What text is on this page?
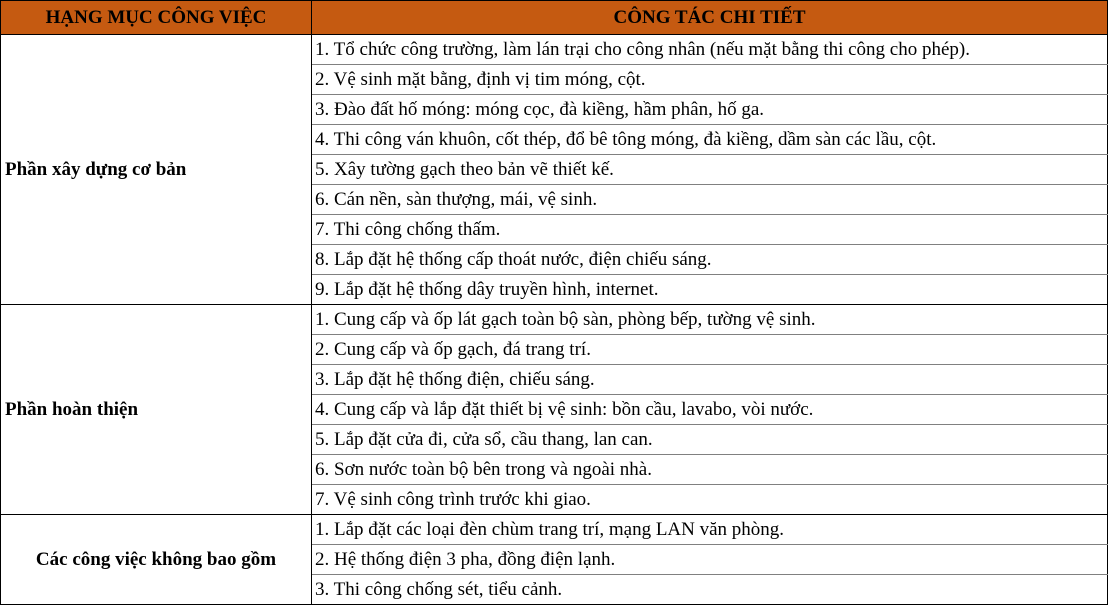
HẠNG MỤC CÔNG VIỆC	CÔNG TÁC CHI TIẾT
Phần xây dựng cơ bản	1. Tổ chức công trường, làm lán trại cho công nhân (nếu mặt bằng thi công cho phép).
	2. Vệ sinh mặt bằng, định vị tim móng, cột.
	3. Đào đất hố móng: móng cọc, đà kiềng, hầm phân, hố ga.
	4. Thi công ván khuôn, cốt thép, đổ bê tông móng, đà kiềng, dầm sàn các lầu, cột.
	5. Xây tường gạch theo bản vẽ thiết kế.
	6. Cán nền, sàn thượng, mái, vệ sinh.
	7. Thi công chống thấm.
	8. Lắp đặt hệ thống cấp thoát nước, điện chiếu sáng.
	9. Lắp đặt hệ thống dây truyền hình, internet.
Phần hoàn thiện	1. Cung cấp và ốp lát gạch toàn bộ sàn, phòng bếp, tường vệ sinh.
	2. Cung cấp và ốp gạch, đá trang trí.
	3. Lắp đặt hệ thống điện, chiếu sáng.
	4. Cung cấp và lắp đặt thiết bị vệ sinh: bồn cầu, lavabo, vòi nước.
	5. Lắp đặt cửa đi, cửa sổ, cầu thang, lan can.
	6. Sơn nước toàn bộ bên trong và ngoài nhà.
	7. Vệ sinh công trình trước khi giao.
Các công việc không bao gồm	1. Lắp đặt các loại đèn chùm trang trí, mạng LAN văn phòng.
	2. Hệ thống điện 3 pha, đồng điện lạnh.
	3. Thi công chống sét, tiểu cảnh.
